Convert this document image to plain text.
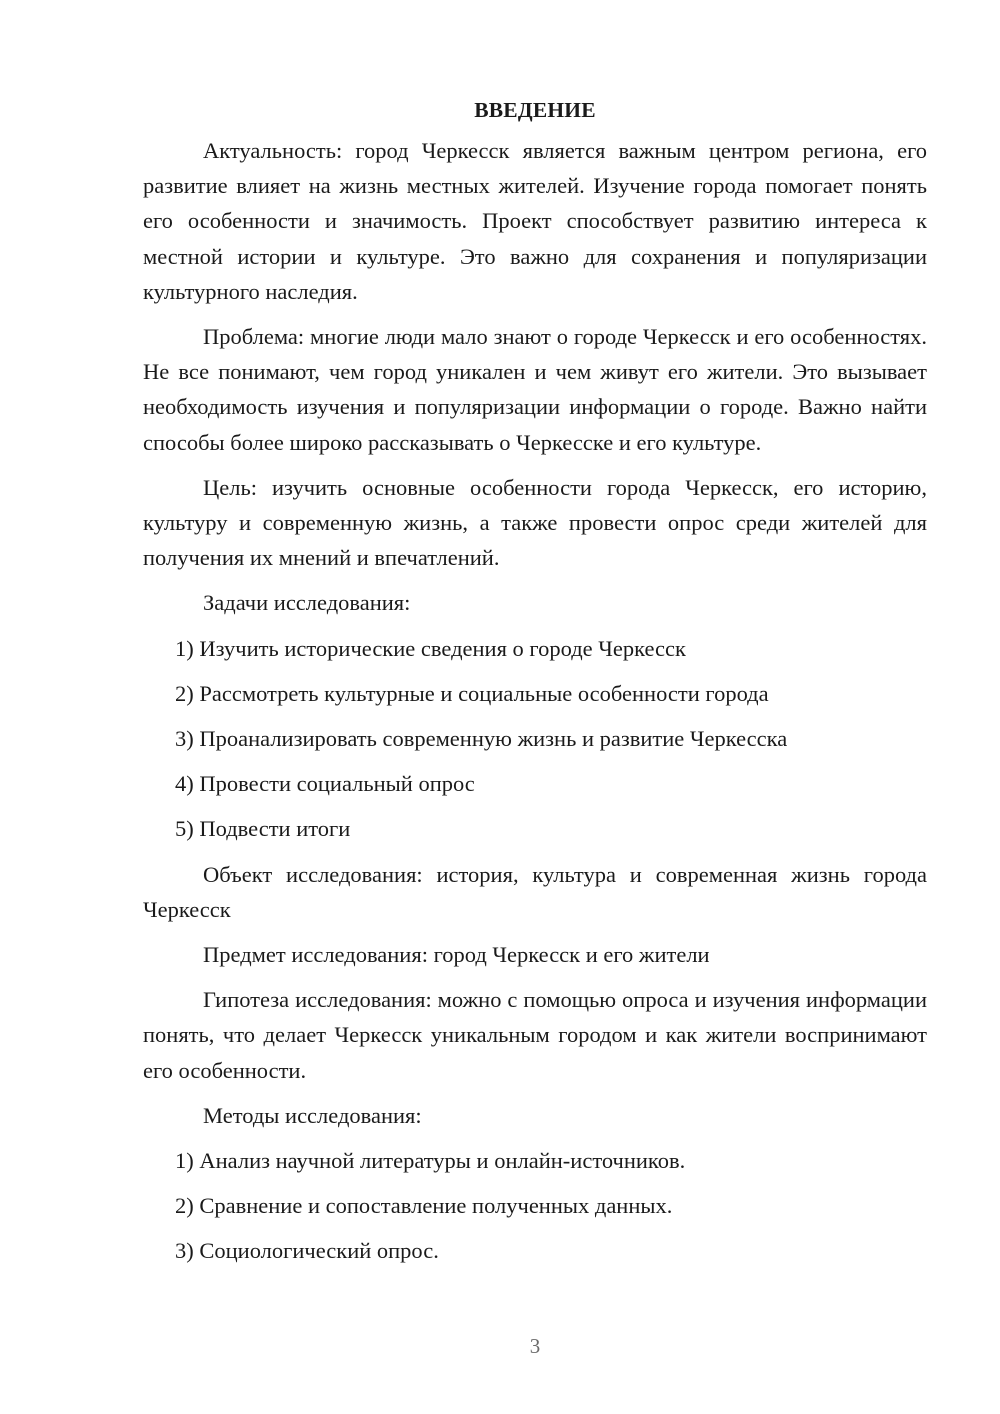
ВВЕДЕНИЕ

Актуальность: город Черкесск является важным центром региона, его развитие влияет на жизнь местных жителей. Изучение города помогает понять его особенности и значимость. Проект способствует развитию интереса к местной истории и культуре. Это важно для сохранения и популяризации культурного наследия.

Проблема: многие люди мало знают о городе Черкесск и его особенностях. Не все понимают, чем город уникален и чем живут его жители. Это вызывает необходимость изучения и популяризации информации о городе. Важно найти способы более широко рассказывать о Черкесске и его культуре.

Цель: изучить основные особенности города Черкесск, его историю, культуру и современную жизнь, а также провести опрос среди жителей для получения их мнений и впечатлений.

Задачи исследования:
1) Изучить исторические сведения о городе Черкесск
2) Рассмотреть культурные и социальные особенности города
3) Проанализировать современную жизнь и развитие Черкесска
4) Провести социальный опрос
5) Подвести итоги

Объект исследования: история, культура и современная жизнь города Черкесск

Предмет исследования: город Черкесск и его жители

Гипотеза исследования: можно с помощью опроса и изучения информации понять, что делает Черкесск уникальным городом и как жители воспринимают его особенности.

Методы исследования:
1) Анализ научной литературы и онлайн-источников.
2) Сравнение и сопоставление полученных данных.
3) Социологический опрос.
3
